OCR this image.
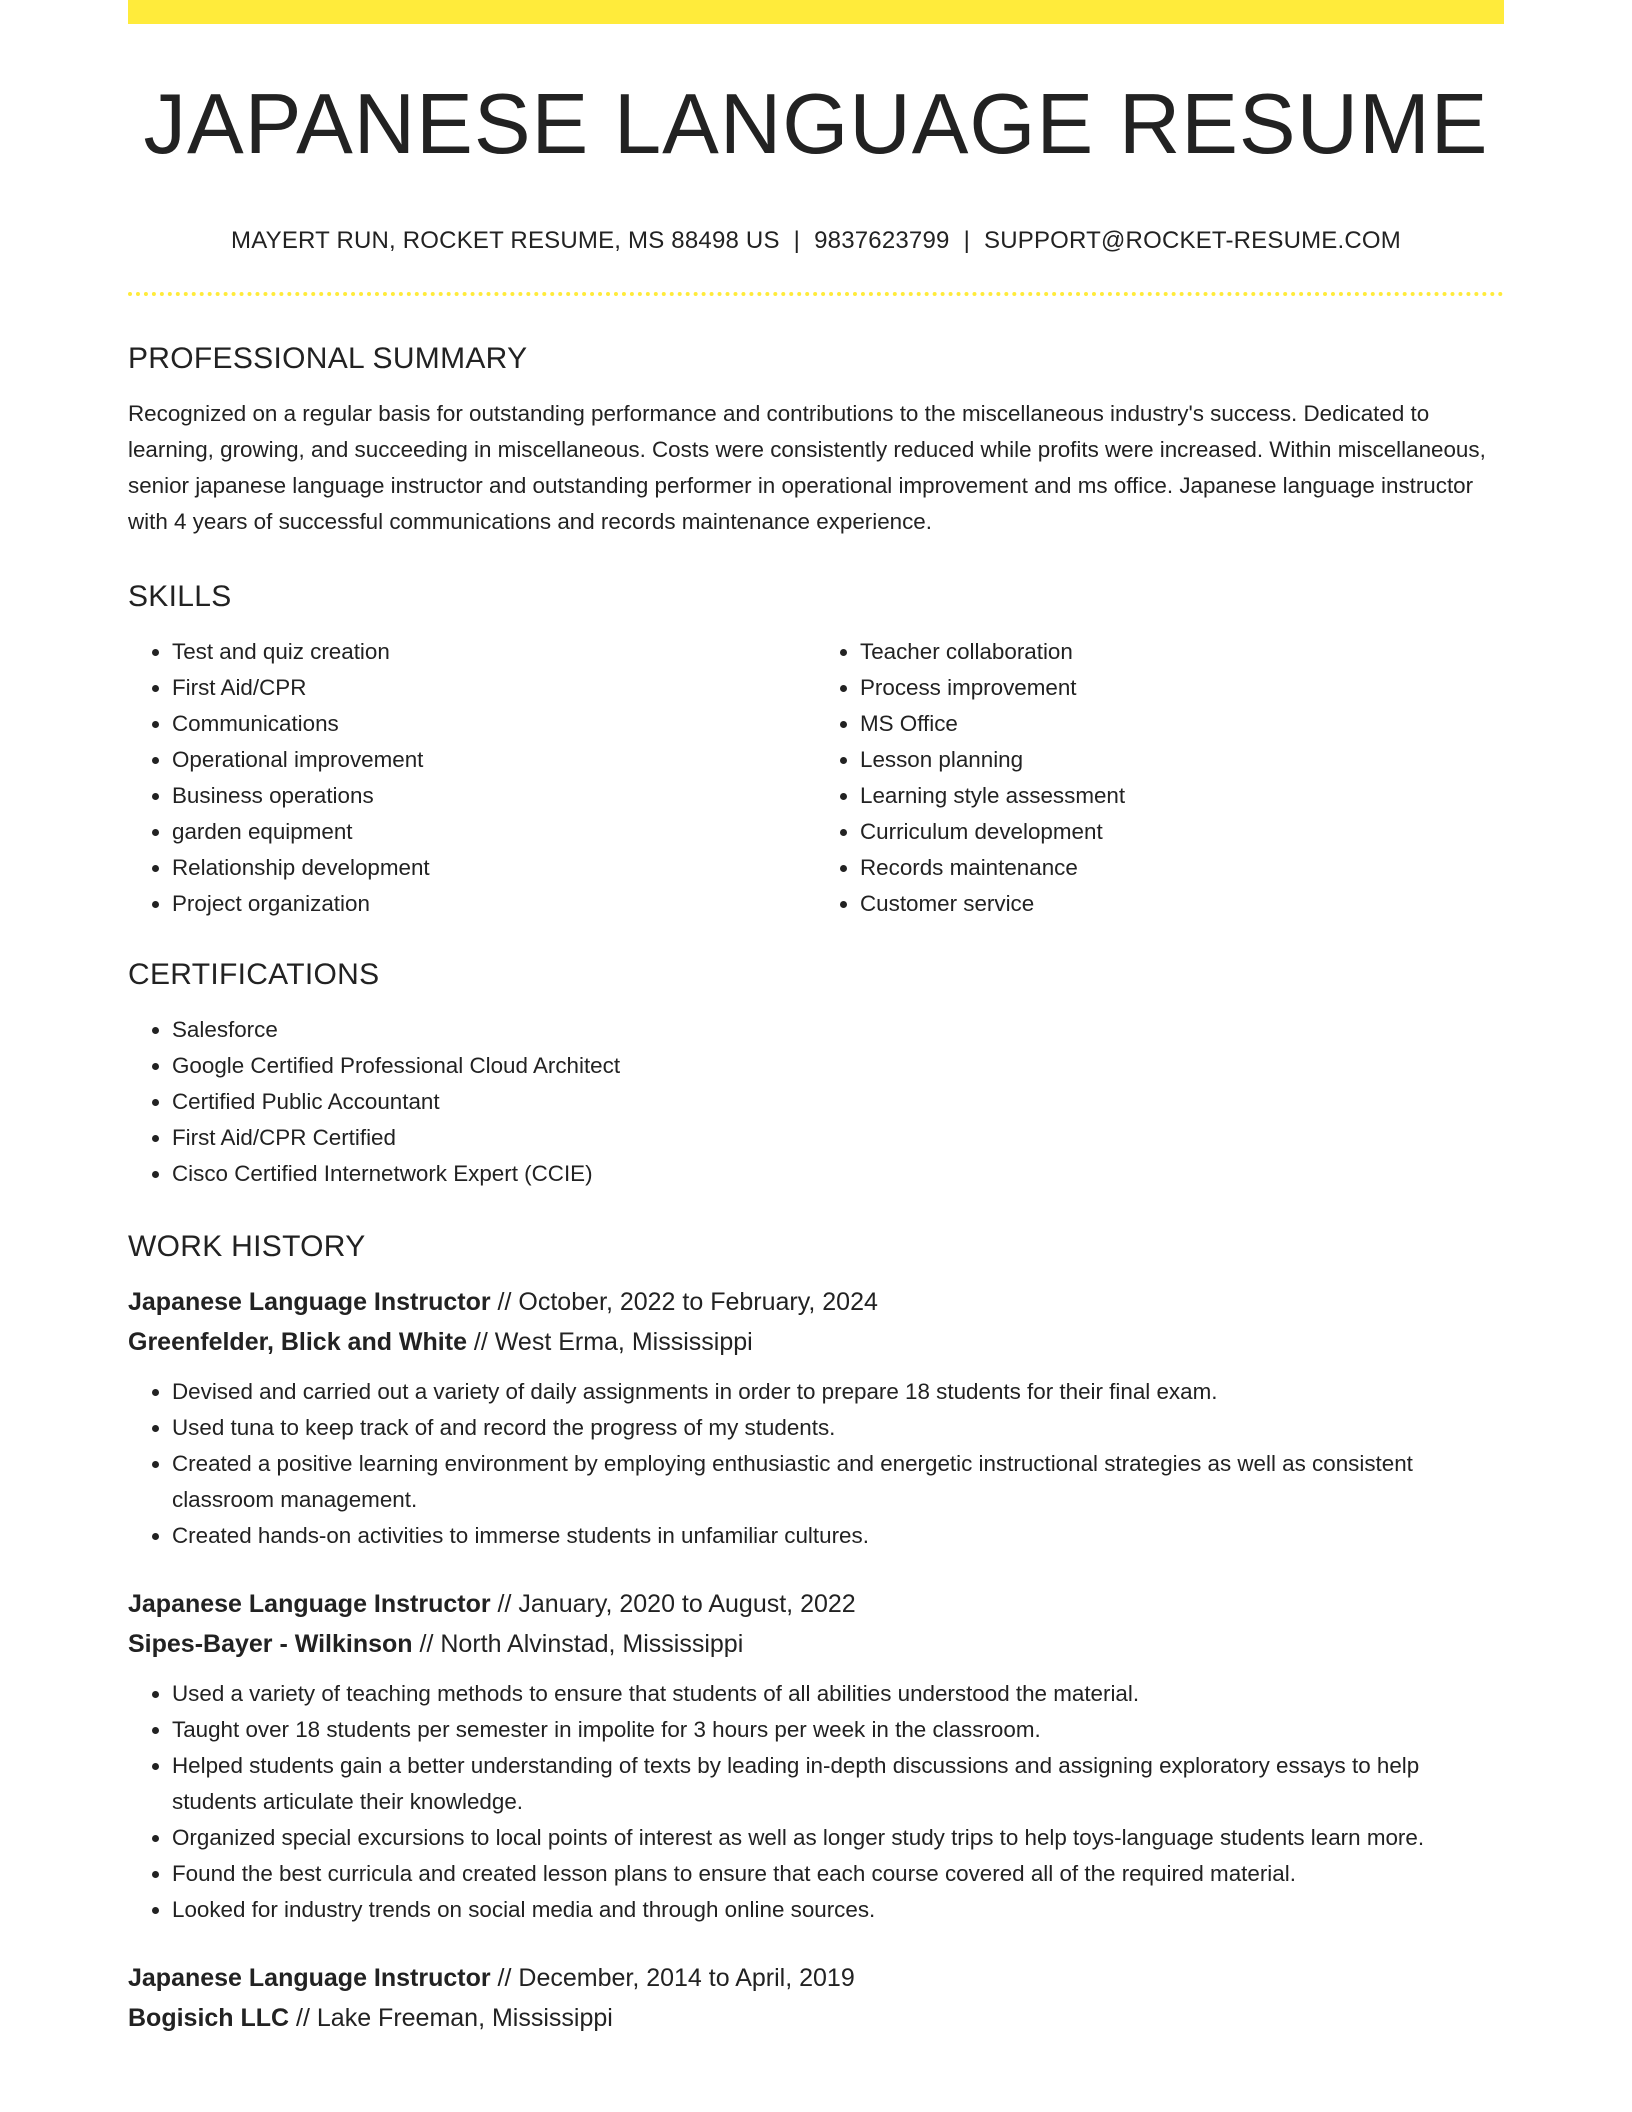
JAPANESE LANGUAGE RESUME
MAYERT RUN, ROCKET RESUME, MS 88498 US | 9837623799 | SUPPORT@ROCKET-RESUME.COM
PROFESSIONAL SUMMARY

Recognized on a regular basis for outstanding performance and contributions to the miscellaneous industry's success. Dedicated to learning, growing, and succeeding in miscellaneous. Costs were consistently reduced while profits were increased. Within miscellaneous, senior japanese language instructor and outstanding performer in operational improvement and ms office. Japanese language instructor with 4 years of successful communications and records maintenance experience.

SKILLS
• Test and quiz creation
• First Aid/CPR
• Communications
• Operational improvement
• Business operations
• garden equipment
• Relationship development
• Project organization
• Teacher collaboration
• Process improvement
• MS Office
• Lesson planning
• Learning style assessment
• Curriculum development
• Records maintenance
• Customer service
CERTIFICATIONS
• Salesforce
• Google Certified Professional Cloud Architect
• Certified Public Accountant
• First Aid/CPR Certified
• Cisco Certified Internetwork Expert (CCIE)
WORK HISTORY
Japanese Language Instructor // October, 2022 to February, 2024
Greenfelder, Blick and White // West Erma, Mississippi
• Devised and carried out a variety of daily assignments in order to prepare 18 students for their final exam.
• Used tuna to keep track of and record the progress of my students.
• Created a positive learning environment by employing enthusiastic and energetic instructional strategies as well as consistent classroom management.
• Created hands-on activities to immerse students in unfamiliar cultures.
Japanese Language Instructor // January, 2020 to August, 2022
Sipes-Bayer - Wilkinson // North Alvinstad, Mississippi
• Used a variety of teaching methods to ensure that students of all abilities understood the material.
• Taught over 18 students per semester in impolite for 3 hours per week in the classroom.
• Helped students gain a better understanding of texts by leading in-depth discussions and assigning exploratory essays to help students articulate their knowledge.
• Organized special excursions to local points of interest as well as longer study trips to help toys-language students learn more.
• Found the best curricula and created lesson plans to ensure that each course covered all of the required material.
• Looked for industry trends on social media and through online sources.
Japanese Language Instructor // December, 2014 to April, 2019
Bogisich LLC // Lake Freeman, Mississippi
